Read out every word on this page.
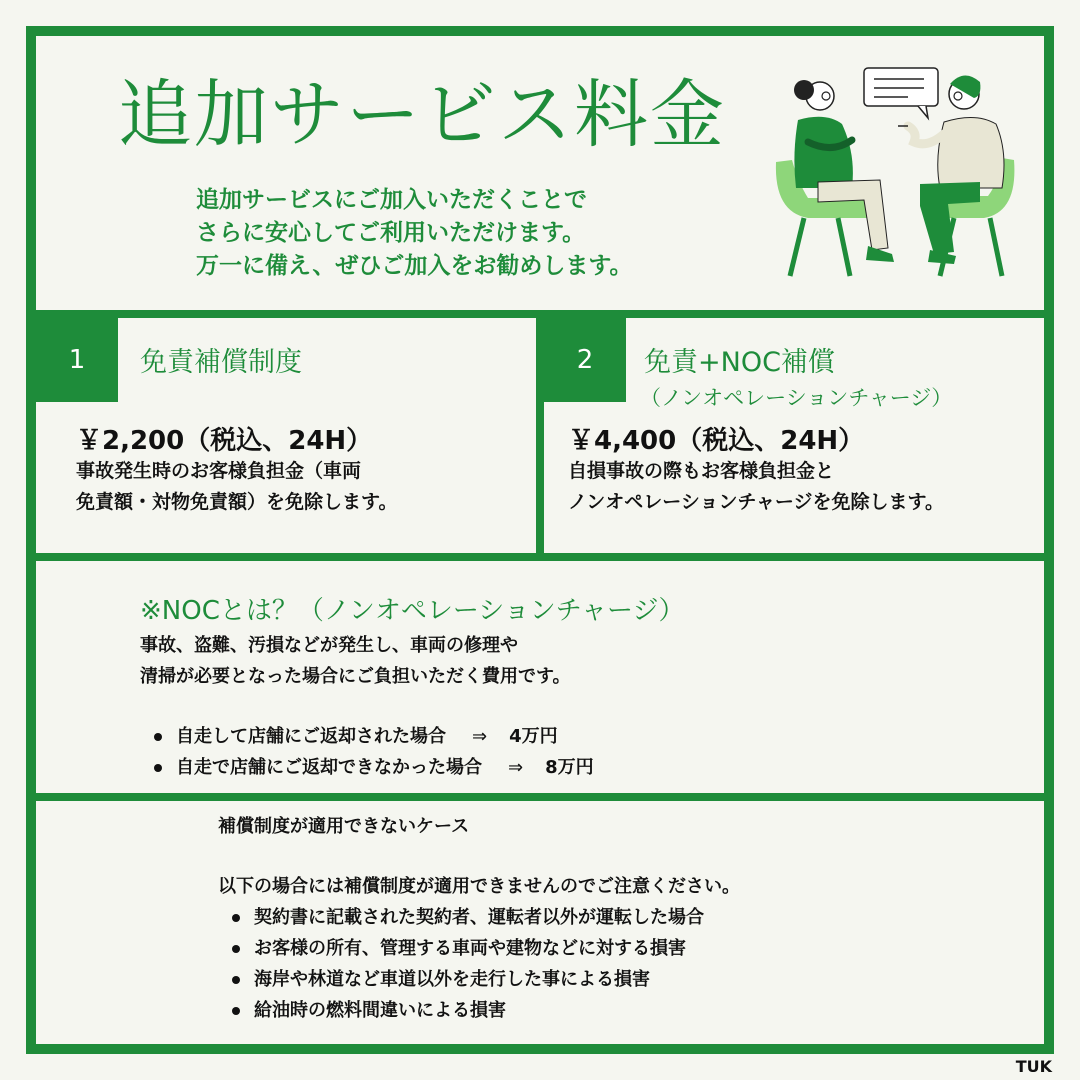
追加サービス料金
追加サービスにご加入いただくことで
さらに安心してご利用いただけます。
万一に備え、ぜひご加入をお勧めします。
1 免責補償制度
￥2,200（税込、24H）
事故発生時のお客様負担金（車両
免責額・対物免責額）を免除します。
2 免責+NOC補償
（ノンオペレーションチャージ）
￥4,400（税込、24H）
自損事故の際もお客様負担金と
ノンオペレーションチャージを免除します。
※NOCとは？（ノンオペレーションチャージ）
事故、盗難、汚損などが発生し、車両の修理や
清掃が必要となった場合にご負担いただく費用です。
自走して店舗にご返却された場合 ⇒ 4万円
自走で店舗にご返却できなかった場合 ⇒ 8万円
補償制度が適用できないケース
以下の場合には補償制度が適用できませんのでご注意ください。
契約書に記載された契約者、運転者以外が運転した場合
お客様の所有、管理する車両や建物などに対する損害
海岸や林道など車道以外を走行した事による損害
給油時の燃料間違いによる損害
TUK
